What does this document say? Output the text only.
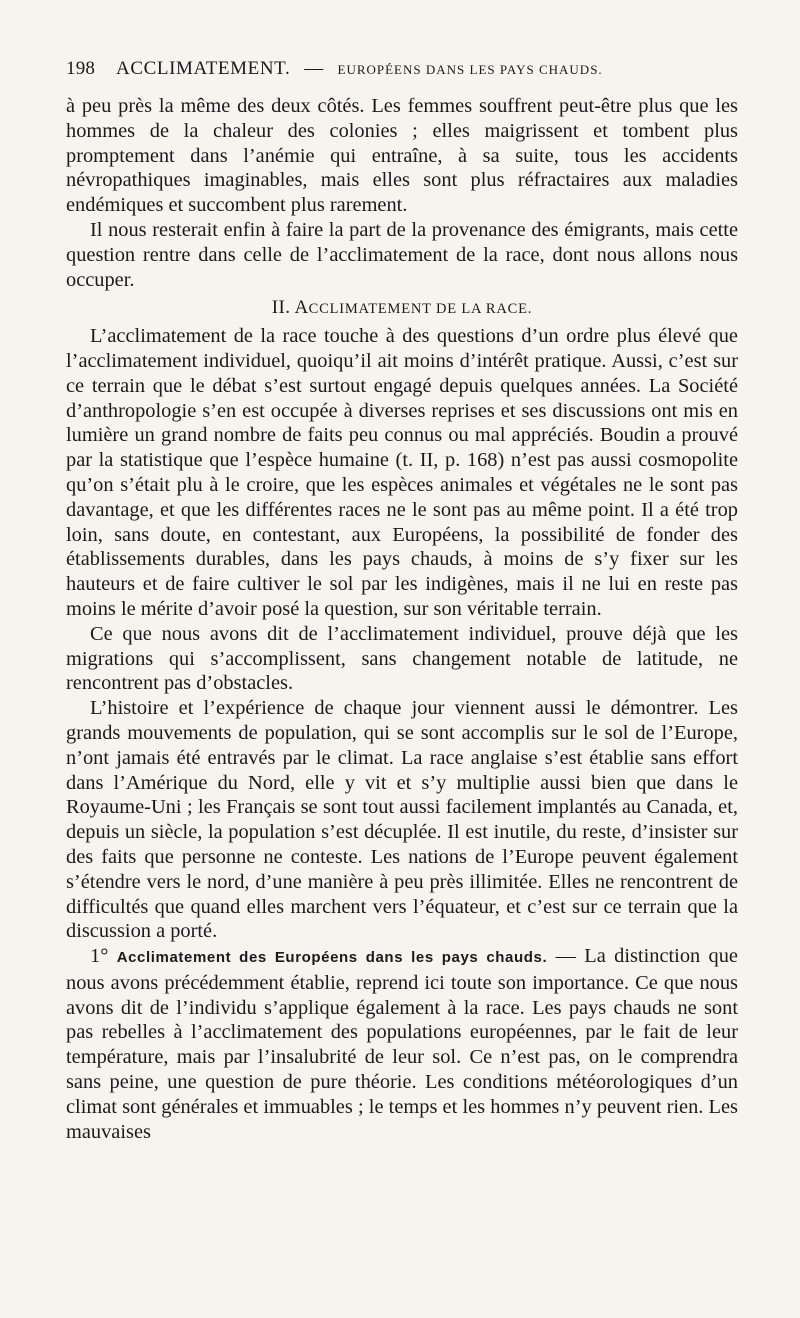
198	ACCLIMATEMENT. — EUROPÉENS DANS LES PAYS CHAUDS.

à peu près la même des deux côtés. Les femmes souffrent peut-être plus que les hommes de la chaleur des colonies ; elles maigrissent et tombent plus promptement dans l’anémie qui entraîne, à sa suite, tous les accidents névropathiques imaginables, mais elles sont plus réfractaires aux maladies endémiques et succombent plus rarement.

Il nous resterait enfin à faire la part de la provenance des émigrants, mais cette question rentre dans celle de l’acclimatement de la race, dont nous allons nous occuper.

II. ACCLIMATEMENT DE LA RACE.

L’acclimatement de la race touche à des questions d’un ordre plus élevé que l’acclimatement individuel, quoiqu’il ait moins d’intérêt pratique. Aussi, c’est sur ce terrain que le débat s’est surtout engagé depuis quelques années. La Société d’anthropologie s’en est occupée à diverses reprises et ses discussions ont mis en lumière un grand nombre de faits peu connus ou mal appréciés. Boudin a prouvé par la statistique que l’espèce humaine (t. II, p. 168) n’est pas aussi cosmopolite qu’on s’était plu à le croire, que les espèces animales et végétales ne le sont pas davantage, et que les différentes races ne le sont pas au même point. Il a été trop loin, sans doute, en contestant, aux Européens, la possibilité de fonder des établissements durables, dans les pays chauds, à moins de s’y fixer sur les hauteurs et de faire cultiver le sol par les indigènes, mais il ne lui en reste pas moins le mérite d’avoir posé la question, sur son véritable terrain.

Ce que nous avons dit de l’acclimatement individuel, prouve déjà que les migrations qui s’accomplissent, sans changement notable de latitude, ne rencontrent pas d’obstacles.

L’histoire et l’expérience de chaque jour viennent aussi le démontrer. Les grands mouvements de population, qui se sont accomplis sur le sol de l’Europe, n’ont jamais été entravés par le climat. La race anglaise s’est établie sans effort dans l’Amérique du Nord, elle y vit et s’y multiplie aussi bien que dans le Royaume-Uni ; les Français se sont tout aussi facilement implantés au Canada, et, depuis un siècle, la population s’est décuplée. Il est inutile, du reste, d’insister sur des faits que personne ne conteste. Les nations de l’Europe peuvent également s’étendre vers le nord, d’une manière à peu près illimitée. Elles ne rencontrent de difficultés que quand elles marchent vers l’équateur, et c’est sur ce terrain que la discussion a porté.

1° Acclimatement des Européens dans les pays chauds. — La distinction que nous avons précédemment établie, reprend ici toute son importance. Ce que nous avons dit de l’individu s’applique également à la race. Les pays chauds ne sont pas rebelles à l’acclimatement des populations européennes, par le fait de leur température, mais par l’insalubrité de leur sol. Ce n’est pas, on le comprendra sans peine, une question de pure théorie. Les conditions météorologiques d’un climat sont générales et immuables ; le temps et les hommes n’y peuvent rien. Les mauvaises
